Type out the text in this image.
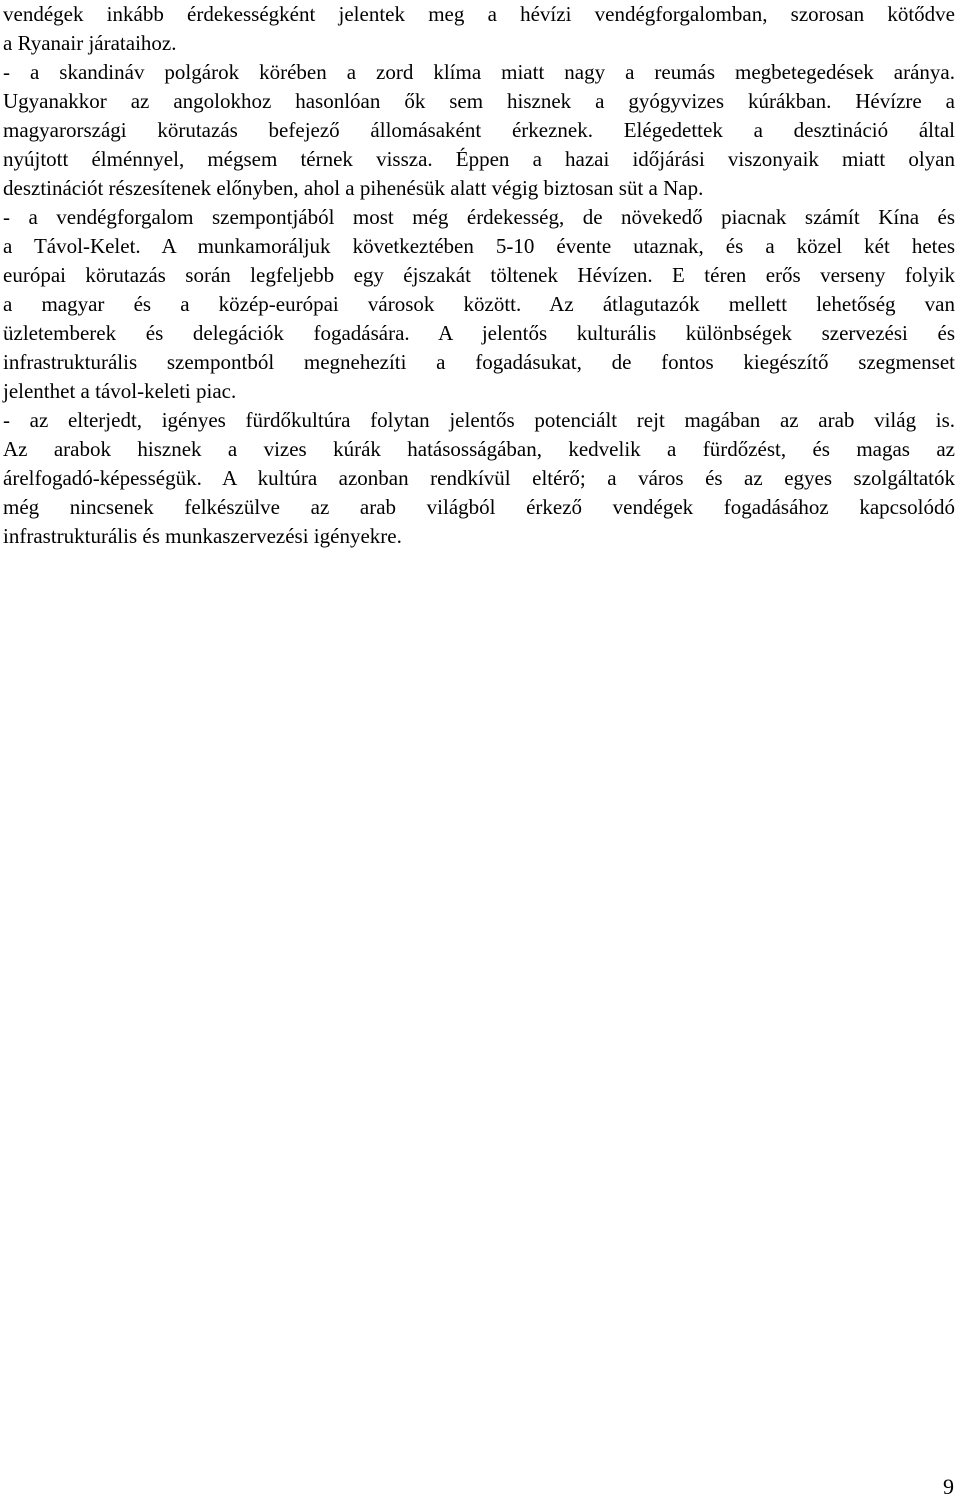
vendégek inkább érdekességként jelentek meg a hévízi vendégforgalomban, szorosan kötődve
a Ryanair járataihoz.
- a skandináv polgárok körében a zord klíma miatt nagy a reumás megbetegedések aránya.
Ugyanakkor az angolokhoz hasonlóan ők sem hisznek a gyógyvizes kúrákban. Hévízre a
magyarországi körutazás befejező állomásaként érkeznek. Elégedettek a desztináció által
nyújtott élménnyel, mégsem térnek vissza. Éppen a hazai időjárási viszonyaik miatt olyan
desztinációt részesítenek előnyben, ahol a pihenésük alatt végig biztosan süt a Nap.
- a vendégforgalom szempontjából most még érdekesség, de növekedő piacnak számít Kína és
a Távol-Kelet. A munkamoráljuk következtében 5-10 évente utaznak, és a közel két hetes
európai körutazás során legfeljebb egy éjszakát töltenek Hévízen. E téren erős verseny folyik
a magyar és a közép-európai városok között. Az átlagutazók mellett lehetőség van
üzletemberek és delegációk fogadására. A jelentős kulturális különbségek szervezési és
infrastrukturális szempontból megnehezíti a fogadásukat, de fontos kiegészítő szegmenset
jelenthet a távol-keleti piac.
- az elterjedt, igényes fürdőkultúra folytan jelentős potenciált rejt magában az arab világ is.
Az arabok hisznek a vizes kúrák hatásosságában, kedvelik a fürdőzést, és magas az
árelfogadó-képességük. A kultúra azonban rendkívül eltérő; a város és az egyes szolgáltatók
még nincsenek felkészülve az arab világból érkező vendégek fogadásához kapcsolódó
infrastrukturális és munkaszervezési igényekre.
9
